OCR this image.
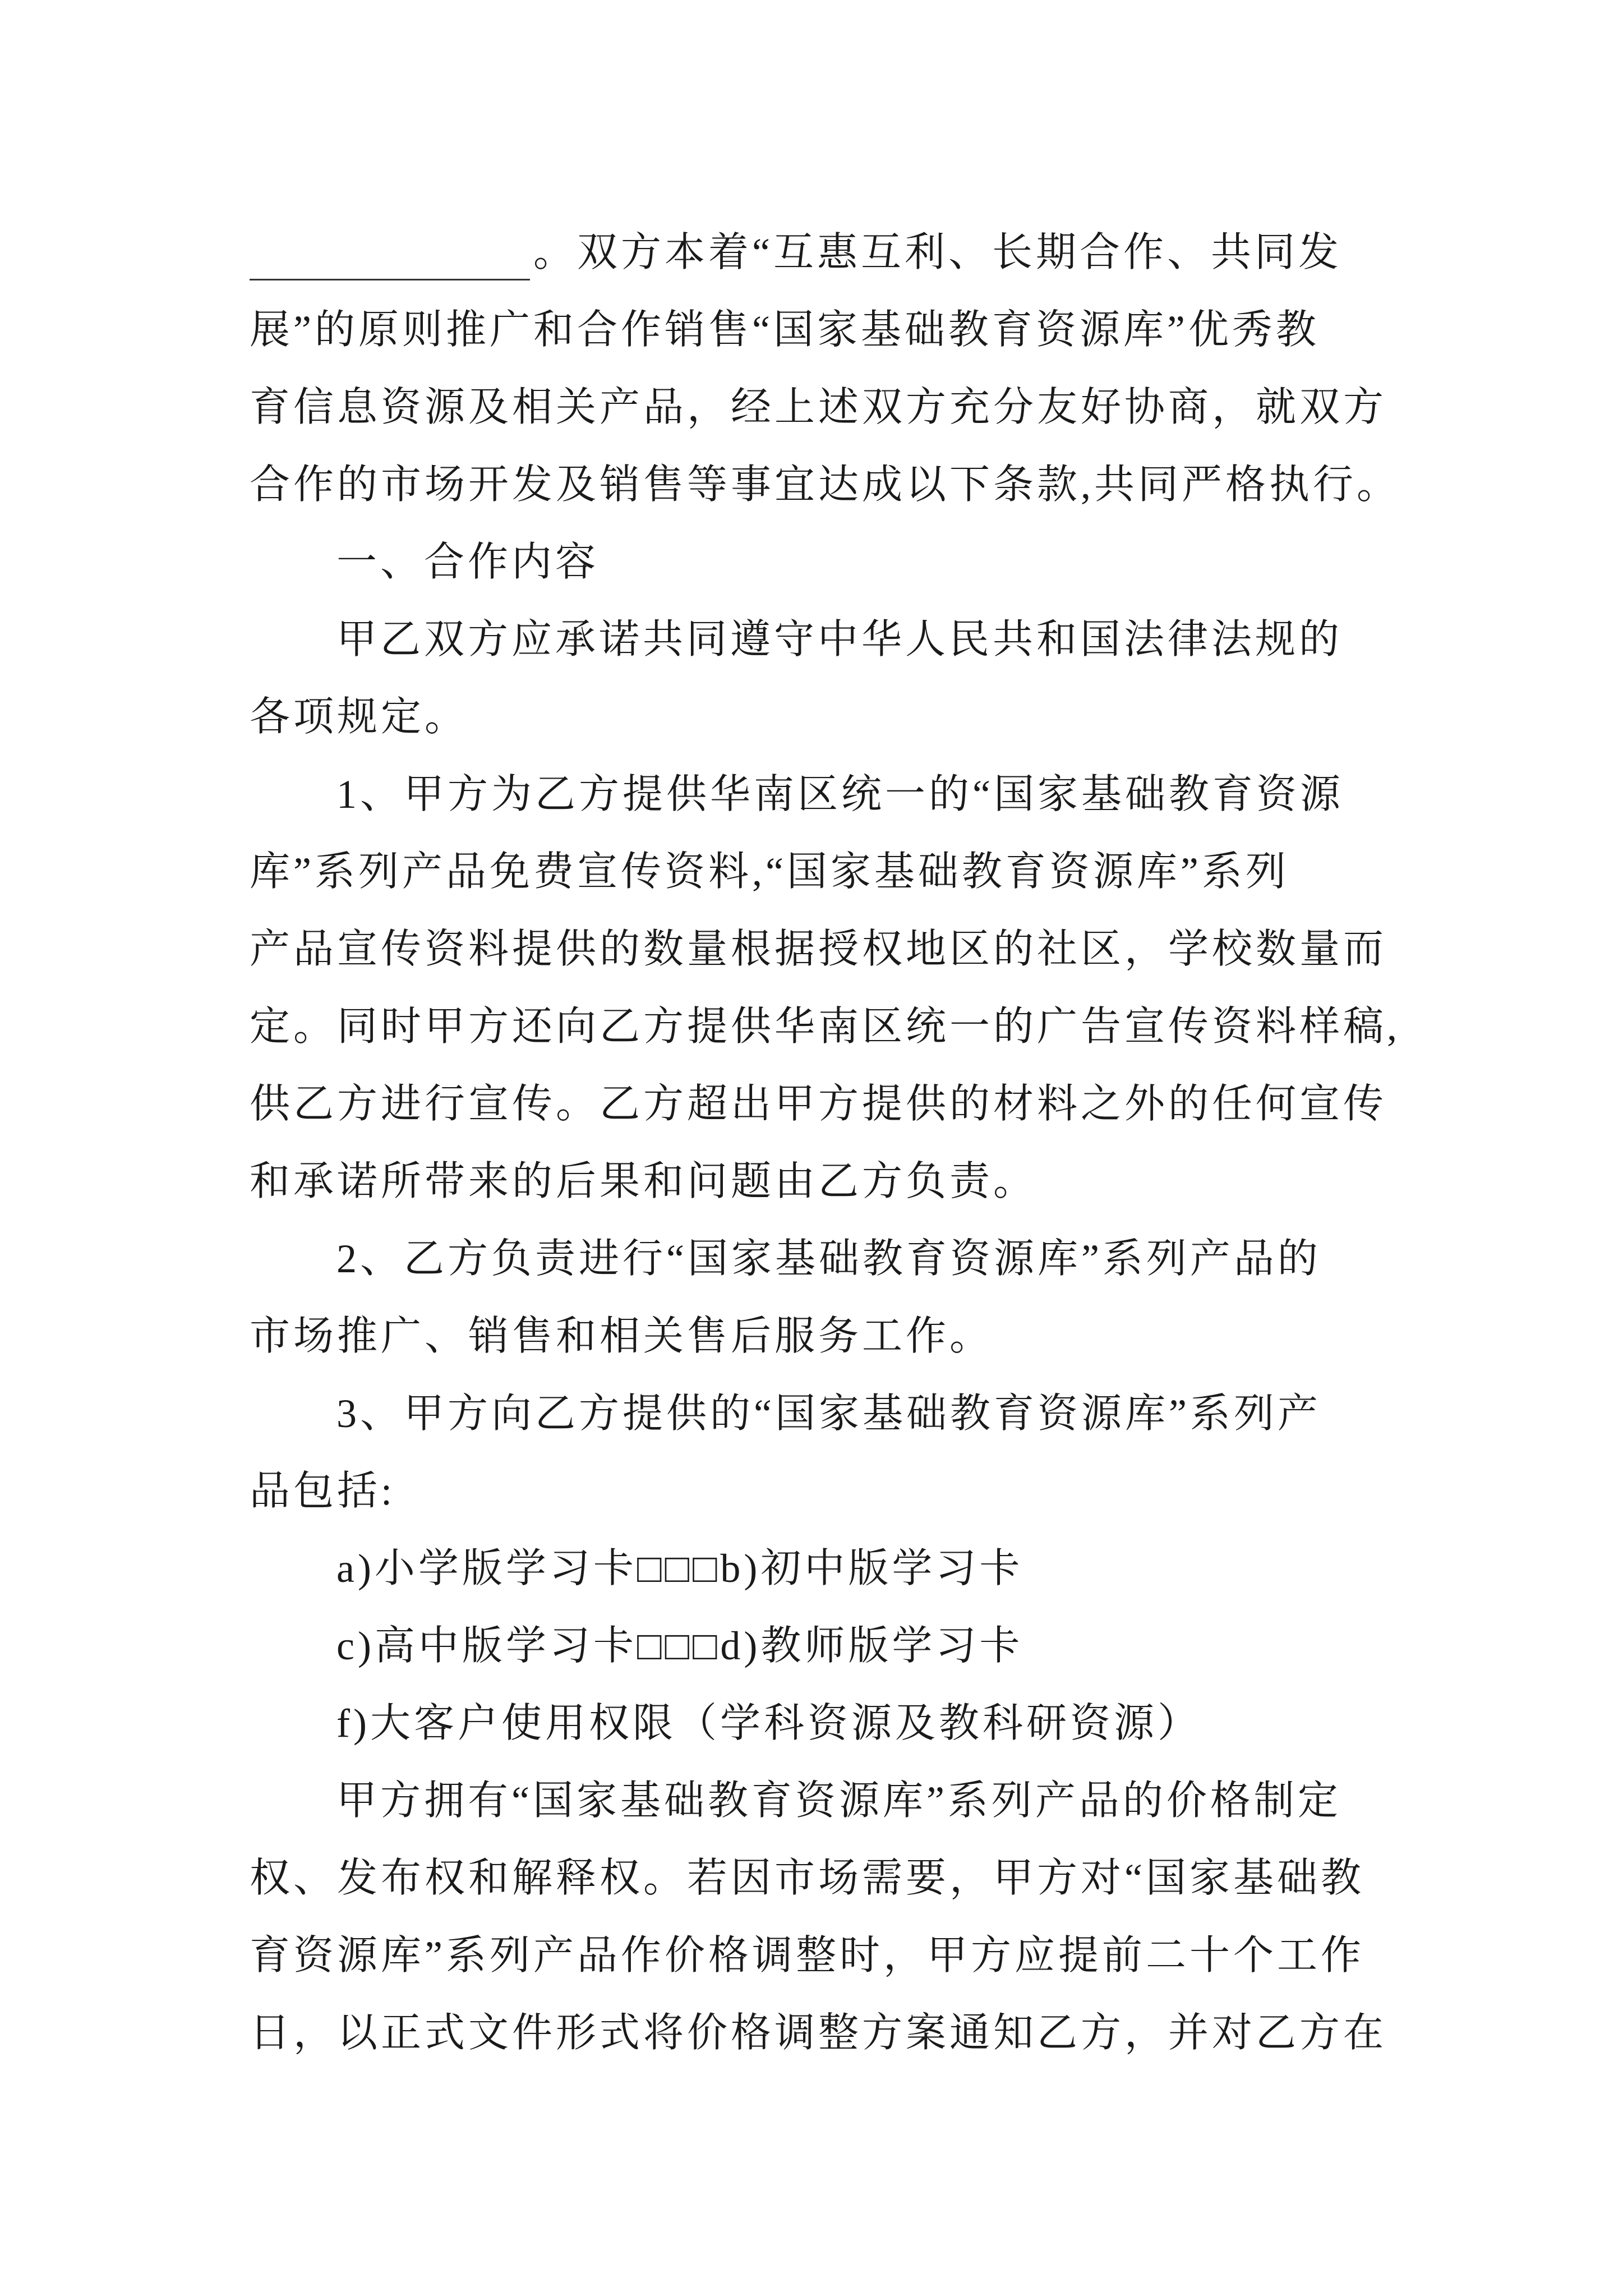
。双方本着“互惠互利、长期合作、共同发
展”的原则推广和合作销售“国家基础教育资源库”优秀教
育信息资源及相关产品，经上述双方充分友好协商，就双方
合作的市场开发及销售等事宜达成以下条款,共同严格执行。
一、合作内容
甲乙双方应承诺共同遵守中华人民共和国法律法规的
各项规定。
1、甲方为乙方提供华南区统一的“国家基础教育资源
库”系列产品免费宣传资料,“国家基础教育资源库”系列
产品宣传资料提供的数量根据授权地区的社区，学校数量而
定。同时甲方还向乙方提供华南区统一的广告宣传资料样稿,
供乙方进行宣传。乙方超出甲方提供的材料之外的任何宣传
和承诺所带来的后果和问题由乙方负责。
2、乙方负责进行“国家基础教育资源库”系列产品的
市场推广、销售和相关售后服务工作。
3、甲方向乙方提供的“国家基础教育资源库”系列产
品包括:
a)小学版学习卡□□□b)初中版学习卡
c)高中版学习卡□□□d)教师版学习卡
f)大客户使用权限（学科资源及教科研资源）
甲方拥有“国家基础教育资源库”系列产品的价格制定
权、发布权和解释权。若因市场需要，甲方对“国家基础教
育资源库”系列产品作价格调整时，甲方应提前二十个工作
日，以正式文件形式将价格调整方案通知乙方，并对乙方在
